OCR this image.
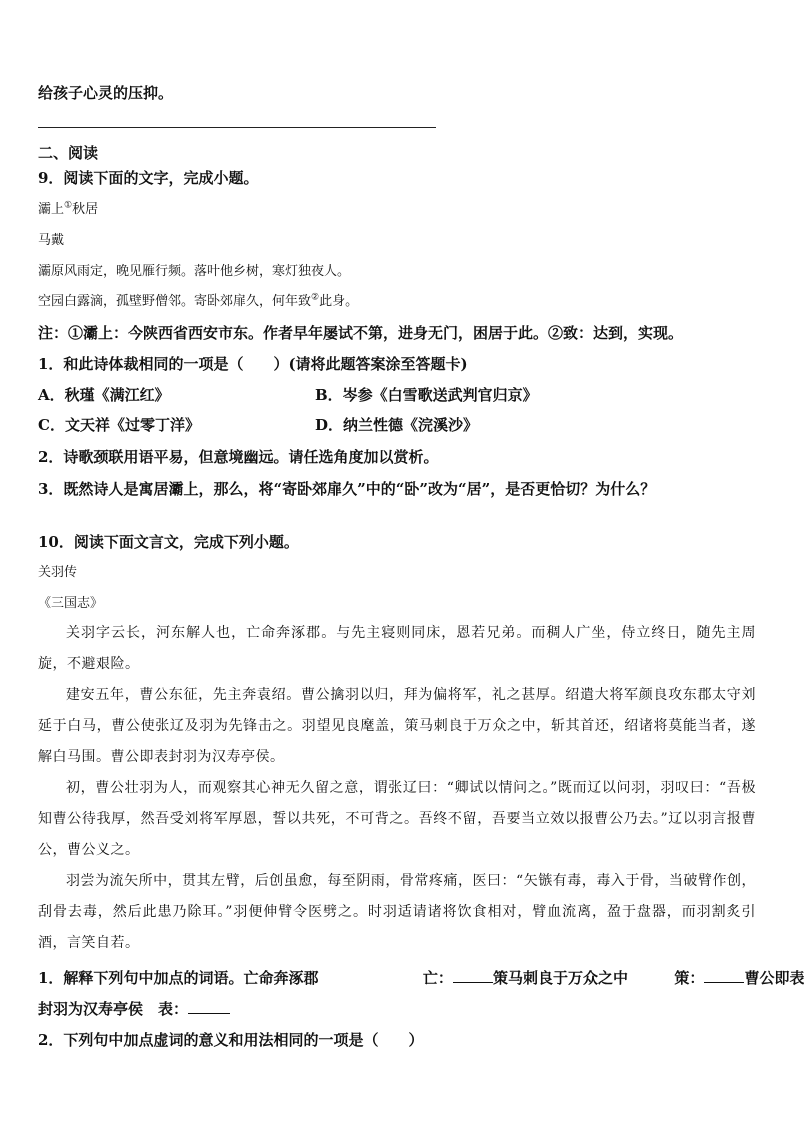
给孩子心灵的压抑。
二、阅读
9．阅读下面的文字，完成小题。
灞上①秋居
马戴
灞原风雨定，晚见雁行频。落叶他乡树，寒灯独夜人。
空园白露滴，孤壁野僧邻。寄卧郊扉久，何年致②此身。
注：①灞上：今陕西省西安市东。作者早年屡试不第，进身无门，困居于此。②致：达到，实现。
1．和此诗体裁相同的一项是（　　）(请将此题答案涂至答题卡)
A．秋瑾《满江红》	B．岑参《白雪歌送武判官归京》
C．文天祥《过零丁洋》	D．纳兰性德《浣溪沙》
2．诗歌颈联用语平易，但意境幽远。请任选角度加以赏析。
3．既然诗人是寓居灞上，那么，将“寄卧郊扉久”中的“卧”改为“居”，是否更恰切？为什么？
10．阅读下面文言文，完成下列小题。
关羽传
《三国志》
关羽字云长，河东解人也，亡命奔涿郡。与先主寝则同床，恩若兄弟。而稠人广坐，侍立终日，随先主周旋，不避艰险。
建安五年，曹公东征，先主奔袁绍。曹公擒羽以归，拜为偏将军，礼之甚厚。绍遣大将军颜良攻东郡太守刘延于白马，曹公使张辽及羽为先锋击之。羽望见良麾盖，策马刺良于万众之中，斩其首还，绍诸将莫能当者，遂解白马围。曹公即表封羽为汉寿亭侯。
初，曹公壮羽为人，而观察其心神无久留之意，谓张辽曰：“卿试以情问之。”既而辽以问羽，羽叹曰：“吾极知曹公待我厚，然吾受刘将军厚恩，誓以共死，不可背之。吾终不留，吾要当立效以报曹公乃去。”辽以羽言报曹公，曹公义之。
羽尝为流矢所中，贯其左臂，后创虽愈，每至阴雨，骨常疼痛，医曰：“矢镞有毒，毒入于骨，当破臂作创，刮骨去毒，然后此患乃除耳。”羽便伸臂令医劈之。时羽适请诸将饮食相对，臂血流离，盈于盘器，而羽割炙引酒，言笑自若。
1．解释下列句中加点的词语。亡命奔涿郡	亡：	策马刺良于万众之中	策：	曹公即表
封羽为汉寿亭侯　表：
2．下列句中加点虚词的意义和用法相同的一项是（　　）
